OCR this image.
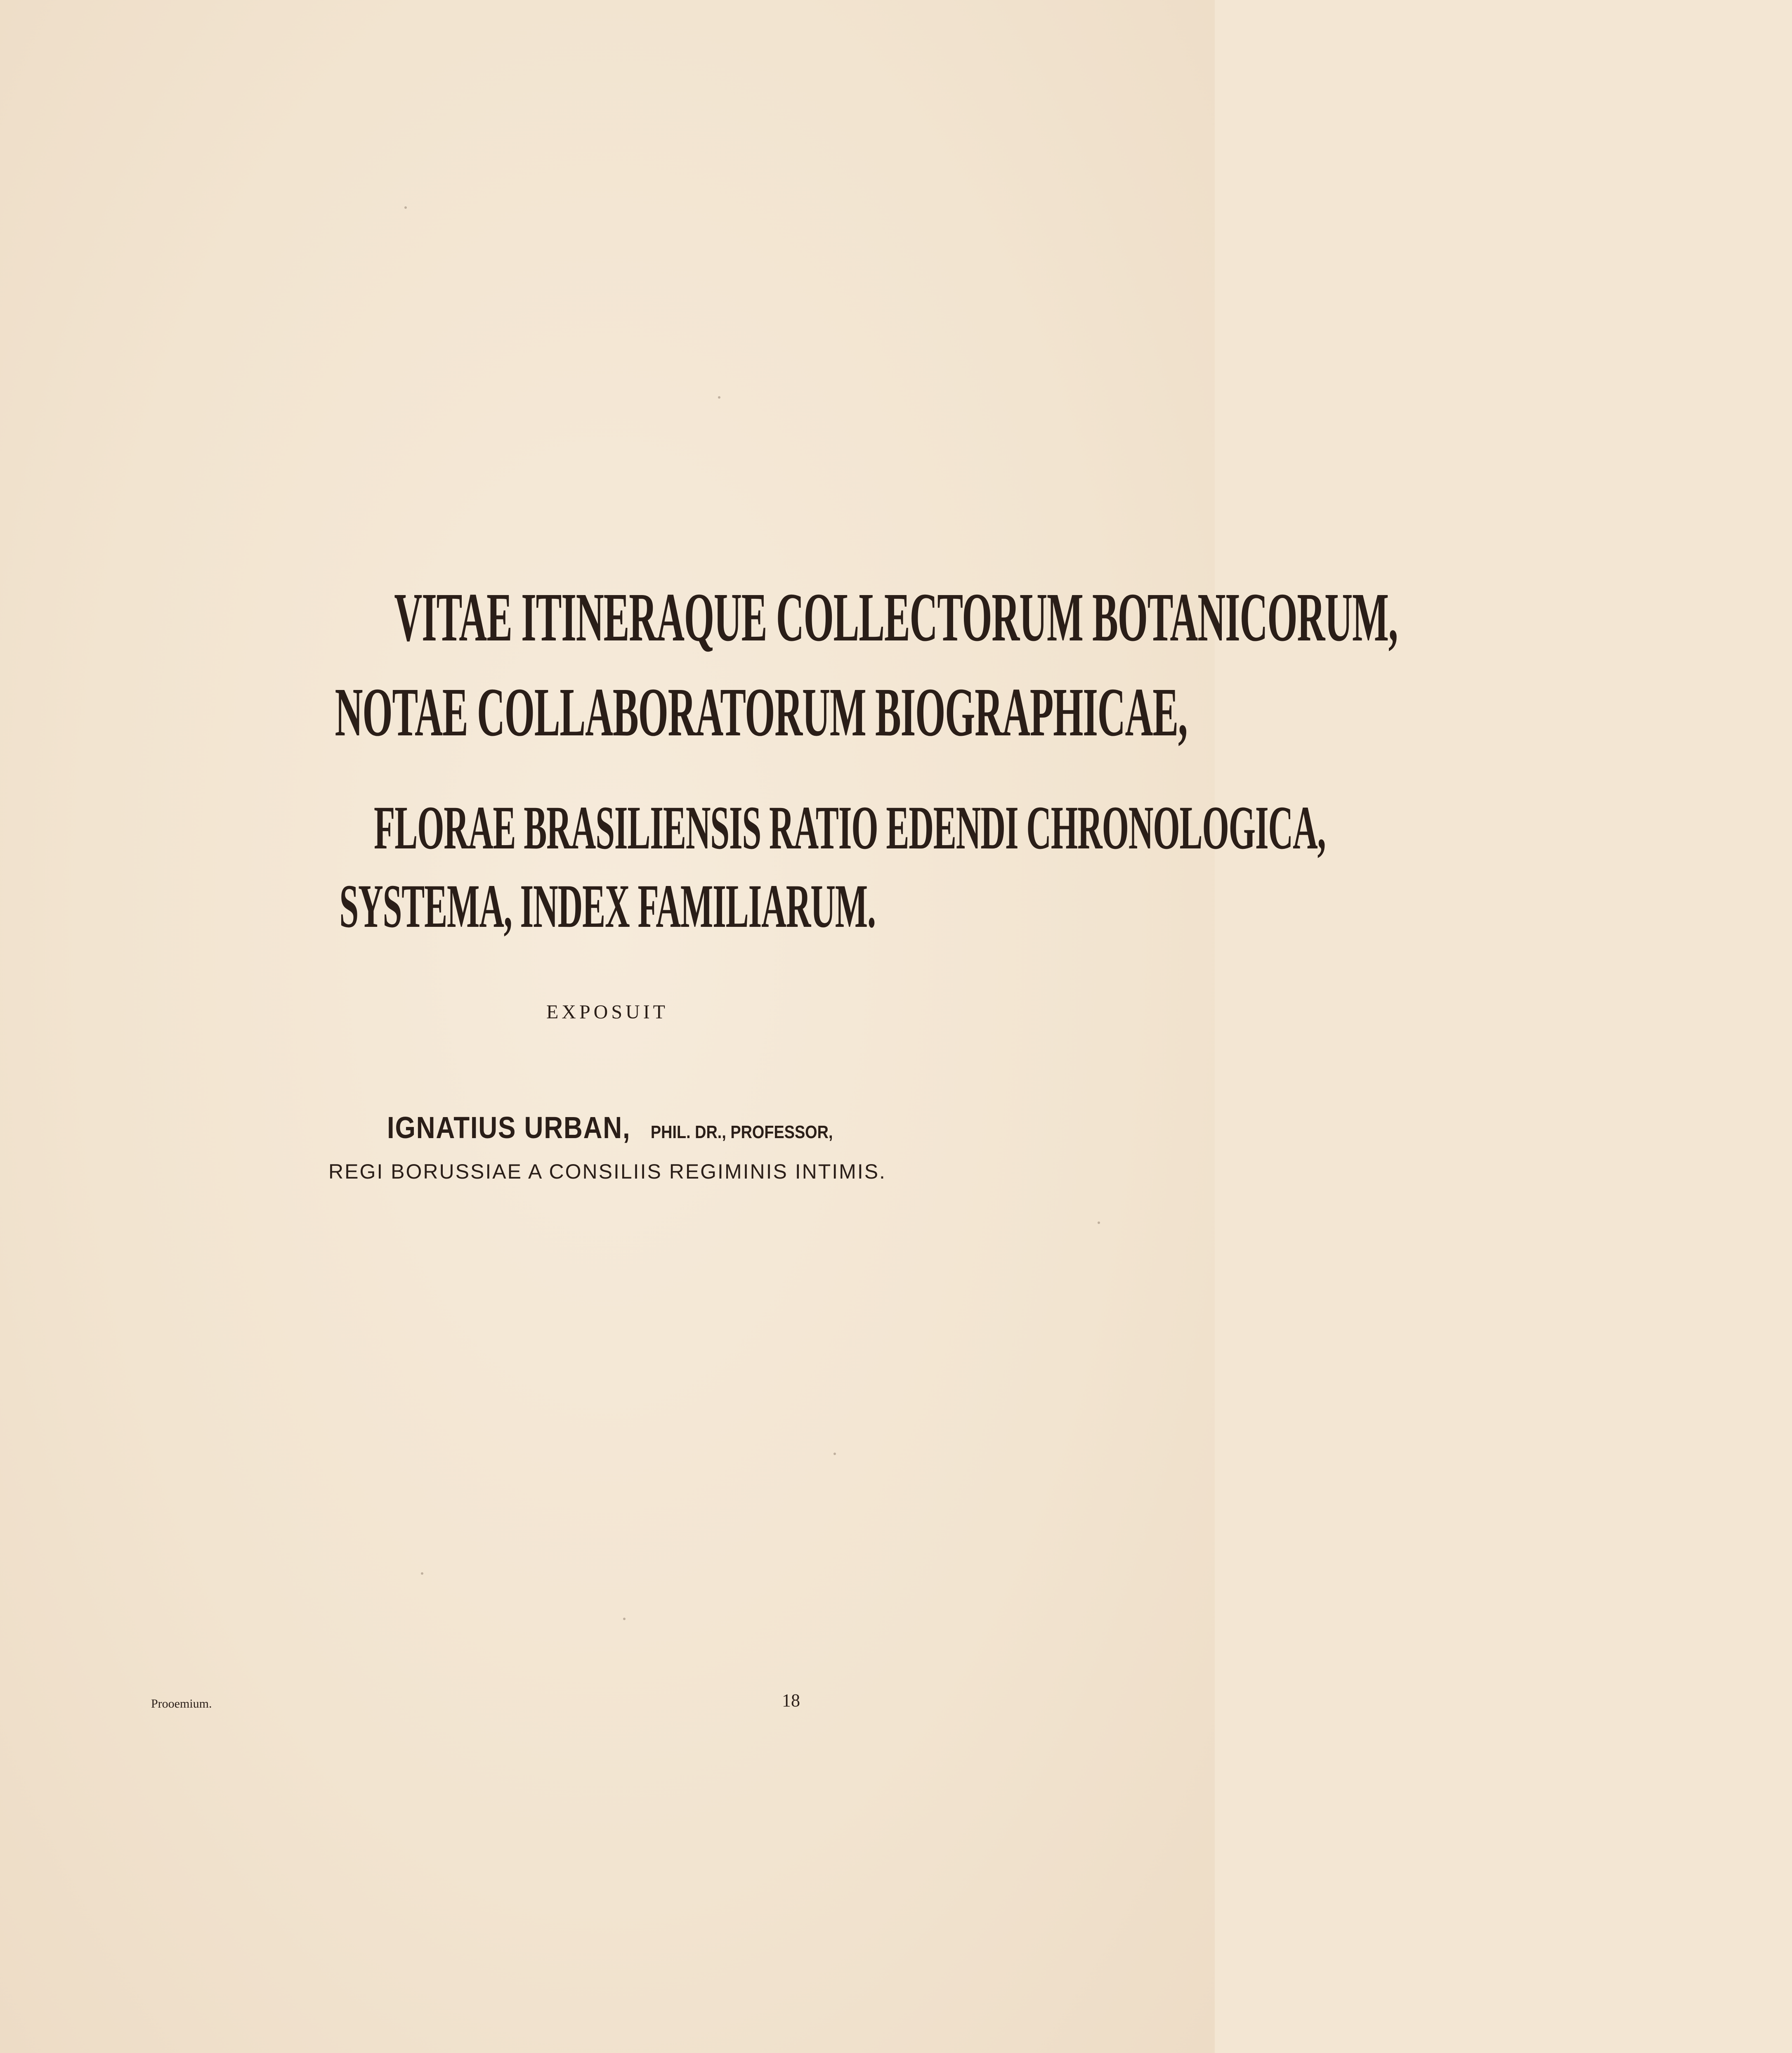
VITAE ITINERAQUE COLLECTORUM BOTANICORUM,
NOTAE COLLABORATORUM BIOGRAPHICAE,
FLORAE BRASILIENSIS RATIO EDENDI CHRONOLOGICA,
SYSTEMA, INDEX FAMILIARUM.
EXPOSUIT
IGNATIUS URBAN, PHIL. DR., PROFESSOR,
REGI BORUSSIAE A CONSILIIS REGIMINIS INTIMIS.
Prooemium.	18
